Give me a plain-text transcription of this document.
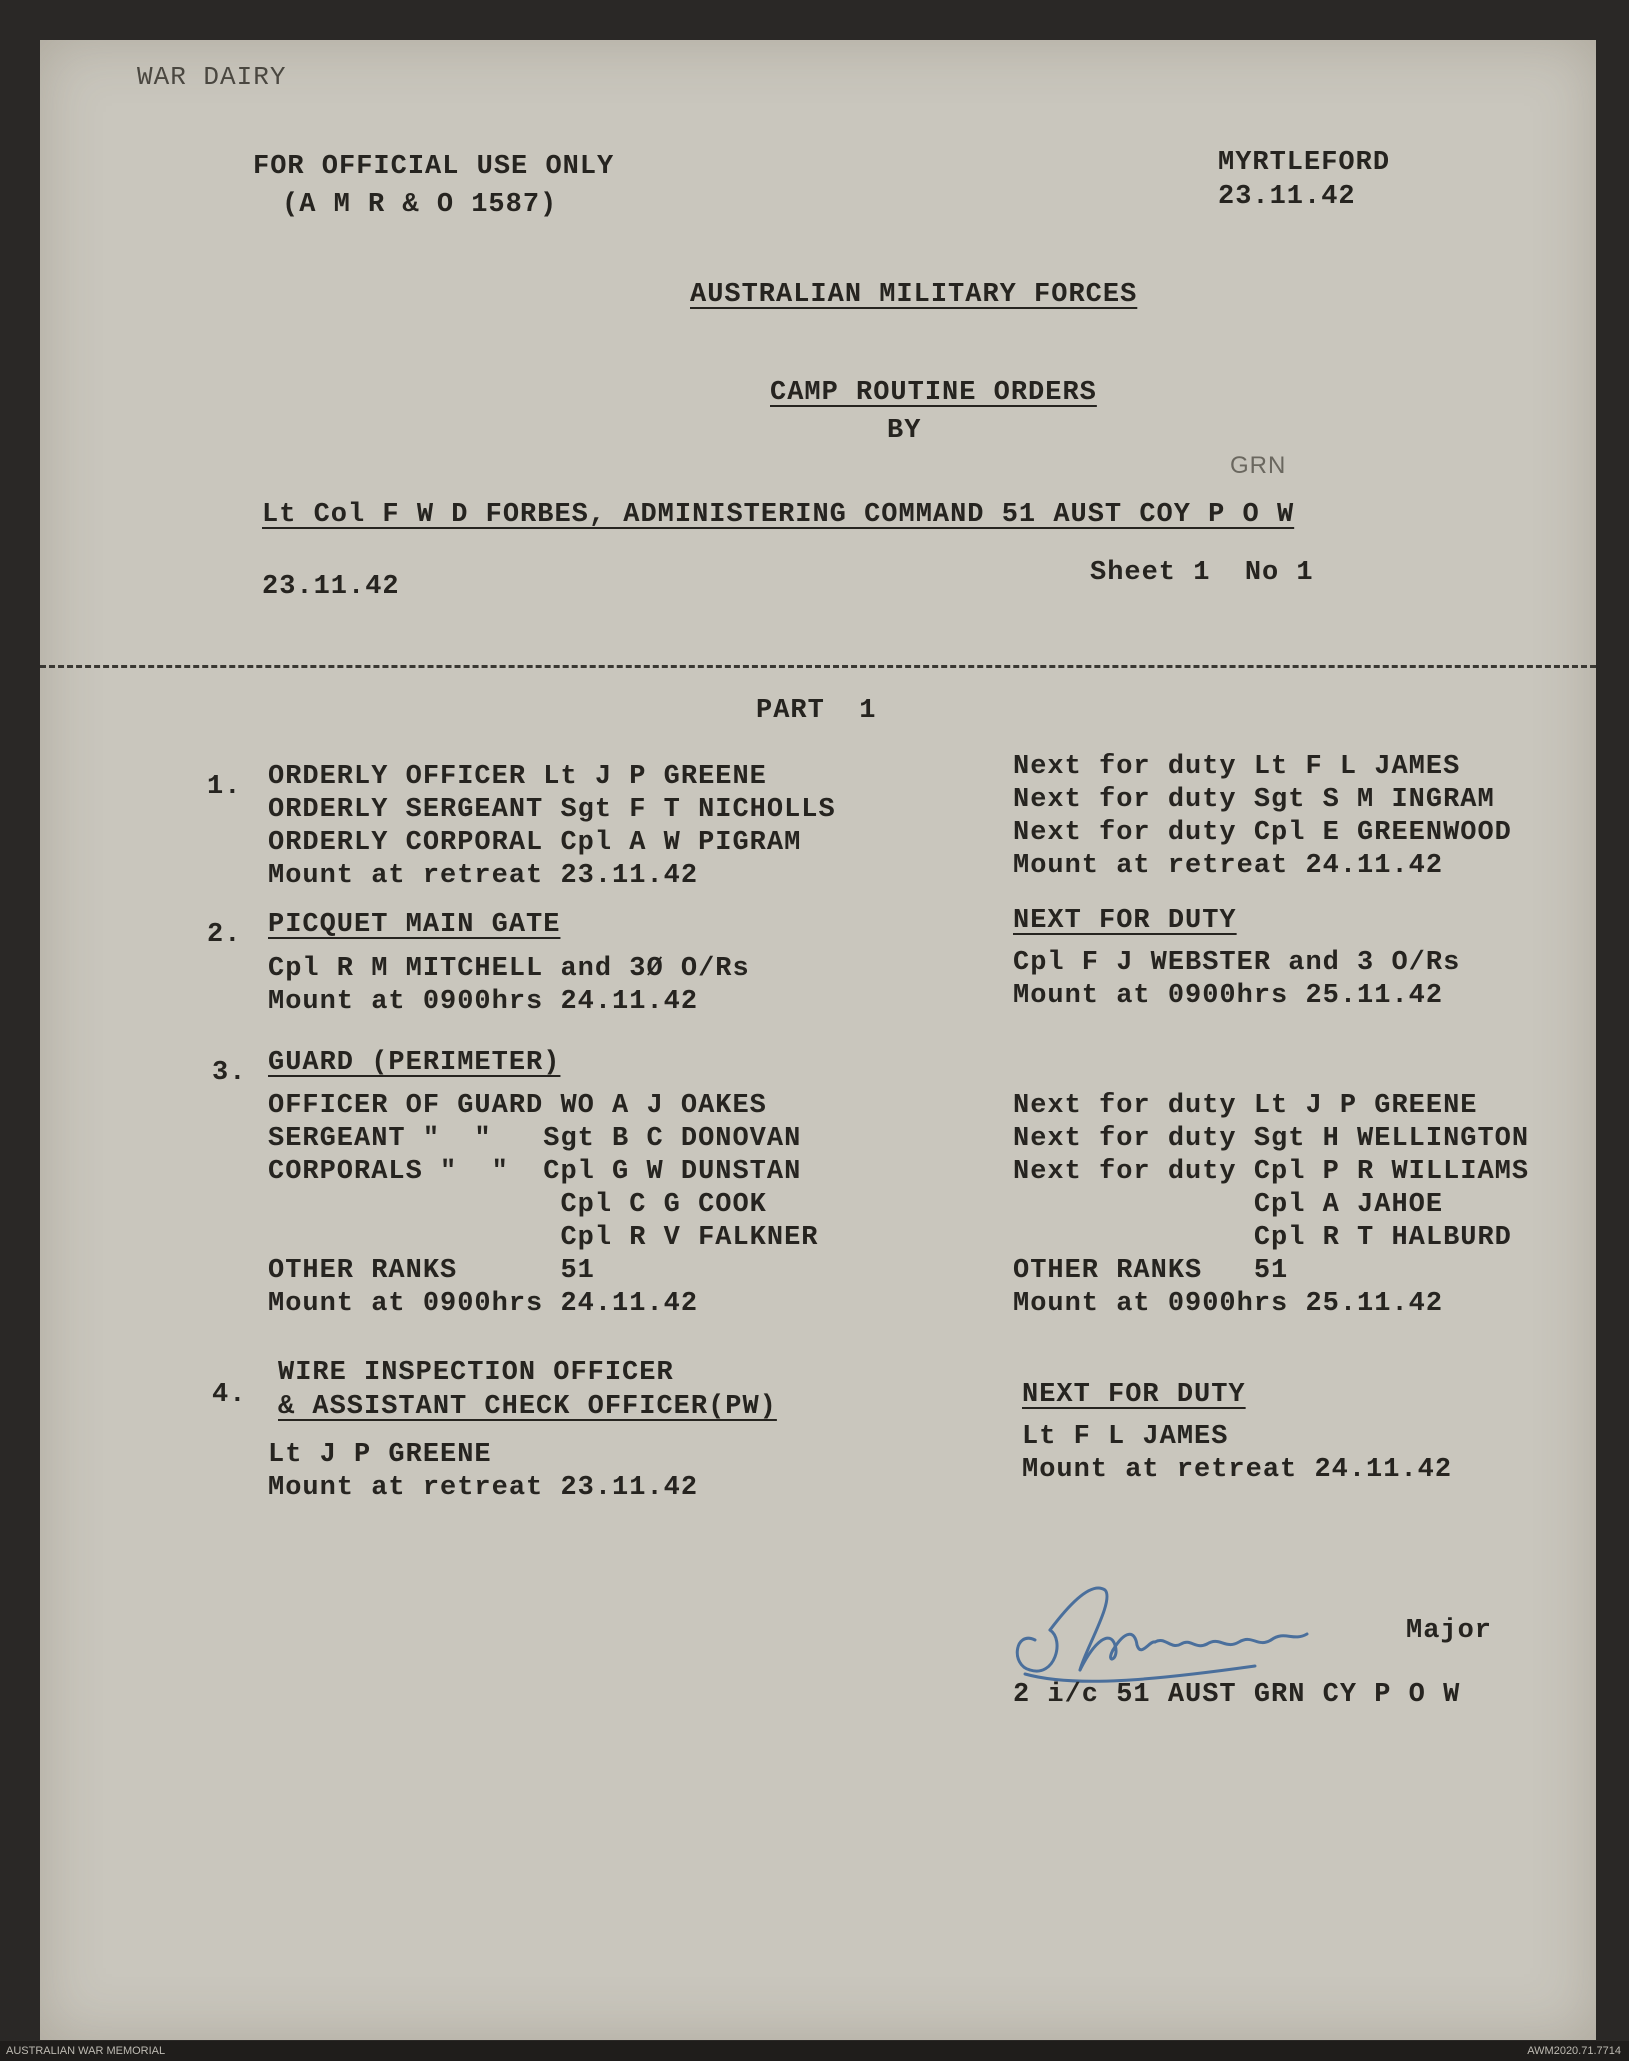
WAR DAIRY
FOR OFFICIAL USE ONLY
(A M R & O 1587)
MYRTLEFORD
23.11.42
AUSTRALIAN MILITARY FORCES
CAMP ROUTINE ORDERS
BY
GRN
Lt Col F W D FORBES, ADMINISTERING COMMAND 51 AUST COY P O W
23.11.42	Sheet 1  No 1
PART  1
1. ORDERLY OFFICER Lt J P GREENE
ORDERLY SERGEANT Sgt F T NICHOLLS
ORDERLY CORPORAL Cpl A W PIGRAM
Mount at retreat 23.11.42
Next for duty Lt F L JAMES
Next for duty Sgt S M INGRAM
Next for duty Cpl E GREENWOOD
Mount at retreat 24.11.42
2. PICQUET MAIN GATE
Cpl R M MITCHELL and 3Ø O/Rs
Mount at 0900hrs 24.11.42
NEXT FOR DUTY
Cpl F J WEBSTER and 3 O/Rs
Mount at 0900hrs 25.11.42
3. GUARD (PERIMETER)
OFFICER OF GUARD WO A J OAKES
SERGEANT "  "   Sgt B C DONOVAN
CORPORALS "  "  Cpl G W DUNSTAN
Cpl C G COOK
Cpl R V FALKNER
OTHER RANKS      51
Mount at 0900hrs 24.11.42
Next for duty Lt J P GREENE
Next for duty Sgt H WELLINGTON
Next for duty Cpl P R WILLIAMS
Cpl A JAHOE
Cpl R T HALBURD
OTHER RANKS   51
Mount at 0900hrs 25.11.42
4.
WIRE INSPECTION OFFICER
& ASSISTANT CHECK OFFICER(PW)
Lt J P GREENE
Mount at retreat 23.11.42
NEXT FOR DUTY
Lt F L JAMES
Mount at retreat 24.11.42
Major
2 i/c 51 AUST GRN CY P O W
AUSTRALIAN WAR MEMORIAL	AWM2020.71.7714
